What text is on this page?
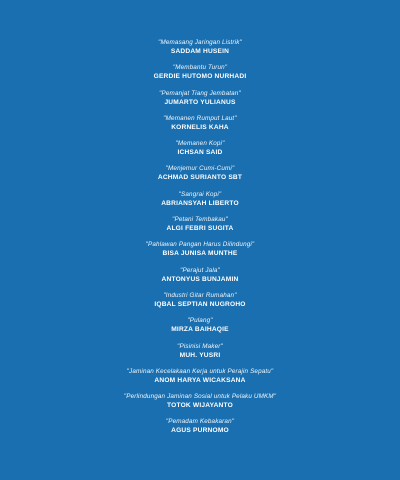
"Memasang Jaringan Listrik"
SADDAM HUSEIN
"Membantu Turun"
GERDIE HUTOMO NURHADI
"Pemanjat Tiang Jembatan"
JUMARTO YULIANUS
"Memanen Rumput Laut"
KORNELIS KAHA
"Memanen Kopi"
ICHSAN SAID
"Menjemur Cumi-Cumi"
ACHMAD SURIANTO SBT
"Sangrai Kopi"
ABRIANSYAH LIBERTO
"Petani Tembakau"
ALGI FEBRI SUGITA
"Pahlawan Pangan Harus Dilindungi"
BISA JUNISA MUNTHE
"Perajut Jala"
ANTONYUS BUNJAMIN
"Industri Gitar Rumahan"
IQBAL SEPTIAN NUGROHO
"Pulang"
MIRZA BAIHAQIE
"Pisinisi Maker"
MUH. YUSRI
"Jaminan Kecelakaan Kerja untuk Perajin Sepatu"
ANOM HARYA WICAKSANA
"Perlindungan Jaminan Sosial untuk Pelaku UMKM"
TOTOK WIJAYANTO
"Pemadam Kebakaran"
AGUS PURNOMO
